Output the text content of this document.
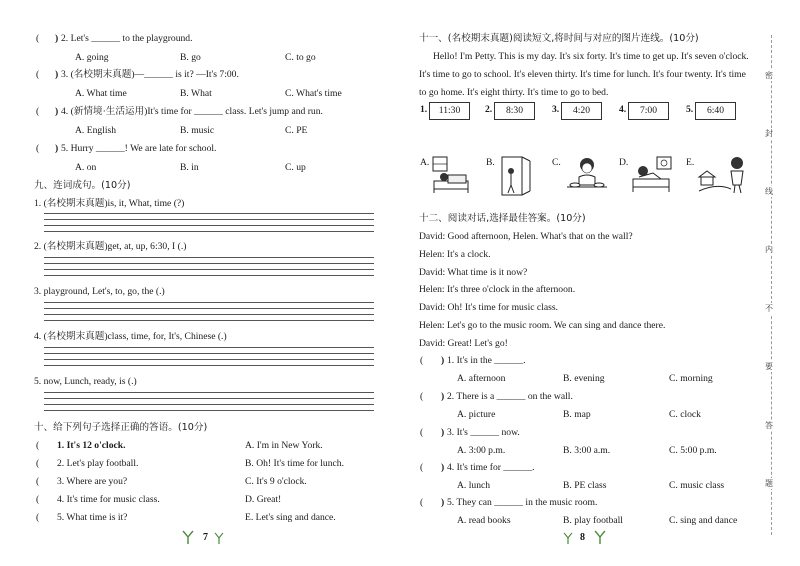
( ) 2. Let's ______ to the playground.
A. going	B. go	C. to go
( ) 3. (名校期末真题)—______ is it? —It's 7:00.
A. What time	B. What	C. What's time
( ) 4. (新情境·生活运用)It's time for ______ class. Let's jump and run.
A. English	B. music	C. PE
( ) 5. Hurry ______! We are late for school.
A. on	B. in	C. up
九、连词成句。(10分)
1. (名校期末真题)is, it, What, time (?)
2. (名校期末真题)get, at, up, 6:30, I (.)
3. playground, Let's, to, go, the (.)
4. (名校期末真题)class, time, for, It's, Chinese (.)
5. now, Lunch, ready, is (.)
十、给下列句子选择正确的答语。(10分)
( 1. It's 12 o'clock.	A. I'm in New York.
( 2. Let's play football.	B. Oh! It's time for lunch.
( 3. Where are you?	C. It's 9 o'clock.
( 4. It's time for music class.	D. Great!
( 5. What time is it?	E. Let's sing and dance.
7
十一、(名校期末真题)阅读短文,将时间与对应的图片连线。(10分)
Hello! I'm Petty. This is my day. It's six forty. It's time to get up. It's seven o'clock.
It's time to go to school. It's eleven thirty. It's time for lunch. It's four twenty. It's time
to go home. It's eight thirty. It's time to go to bed.
1.	11:30	2.	8:30	3.	4:20	4.	7:00	5.	6:40
A.	B.	C.	D.	E.
十二、阅读对话,选择最佳答案。(10分)
David: Good afternoon, Helen. What's that on the wall?
Helen: It's a clock.
David: What time is it now?
Helen: It's three o'clock in the afternoon.
David: Oh! It's time for music class.
Helen: Let's go to the music room. We can sing and dance there.
David: Great! Let's go!
( ) 1. It's in the ______.
A. afternoon	B. evening	C. morning
( ) 2. There is a ______ on the wall.
A. picture	B. map	C. clock
( ) 3. It's ______ now.
A. 3:00 p.m.	B. 3:00 a.m.	C. 5:00 p.m.
( ) 4. It's time for ______.
A. lunch	B. PE class	C. music class
( ) 5. They can ______ in the music room.
A. read books	B. play football	C. sing and dance
8
密
封
线
内
不
要
答
题
